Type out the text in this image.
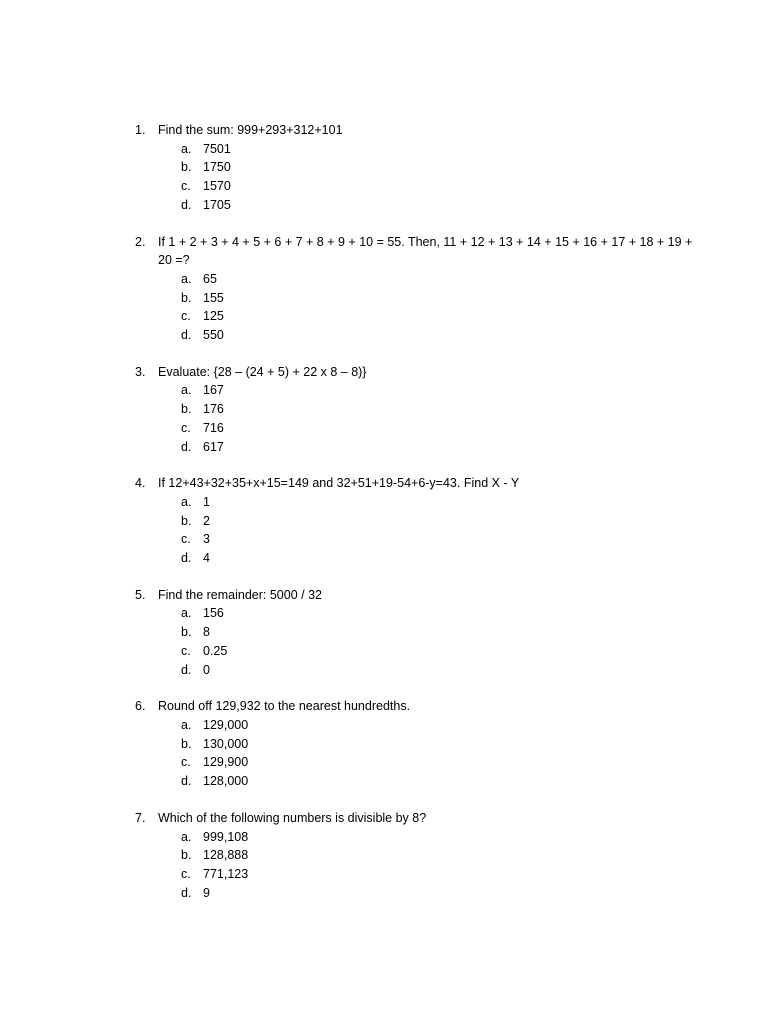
1.	Find the sum: 999+293+312+101
a. 7501
b. 1750
c. 1570
d. 1705
2.	If 1 + 2 + 3 + 4 + 5 + 6 + 7 + 8 + 9 + 10 = 55. Then, 11 + 12 + 13 + 14 + 15 + 16 + 17 + 18 + 19 + 20 =?
a. 65
b. 155
c. 125
d. 550
3.	Evaluate: {28 – (24 + 5) + 22 x 8 – 8)}
a. 167
b. 176
c. 716
d. 617
4.	If 12+43+32+35+x+15=149 and 32+51+19-54+6-y=43. Find X - Y
a. 1
b. 2
c. 3
d. 4
5.	Find the remainder: 5000 / 32
a. 156
b. 8
c. 0.25
d. 0
6.	Round off 129,932 to the nearest hundredths.
a. 129,000
b. 130,000
c. 129,900
d. 128,000
7.	Which of the following numbers is divisible by 8?
a. 999,108
b. 128,888
c. 771,123
d. 9
